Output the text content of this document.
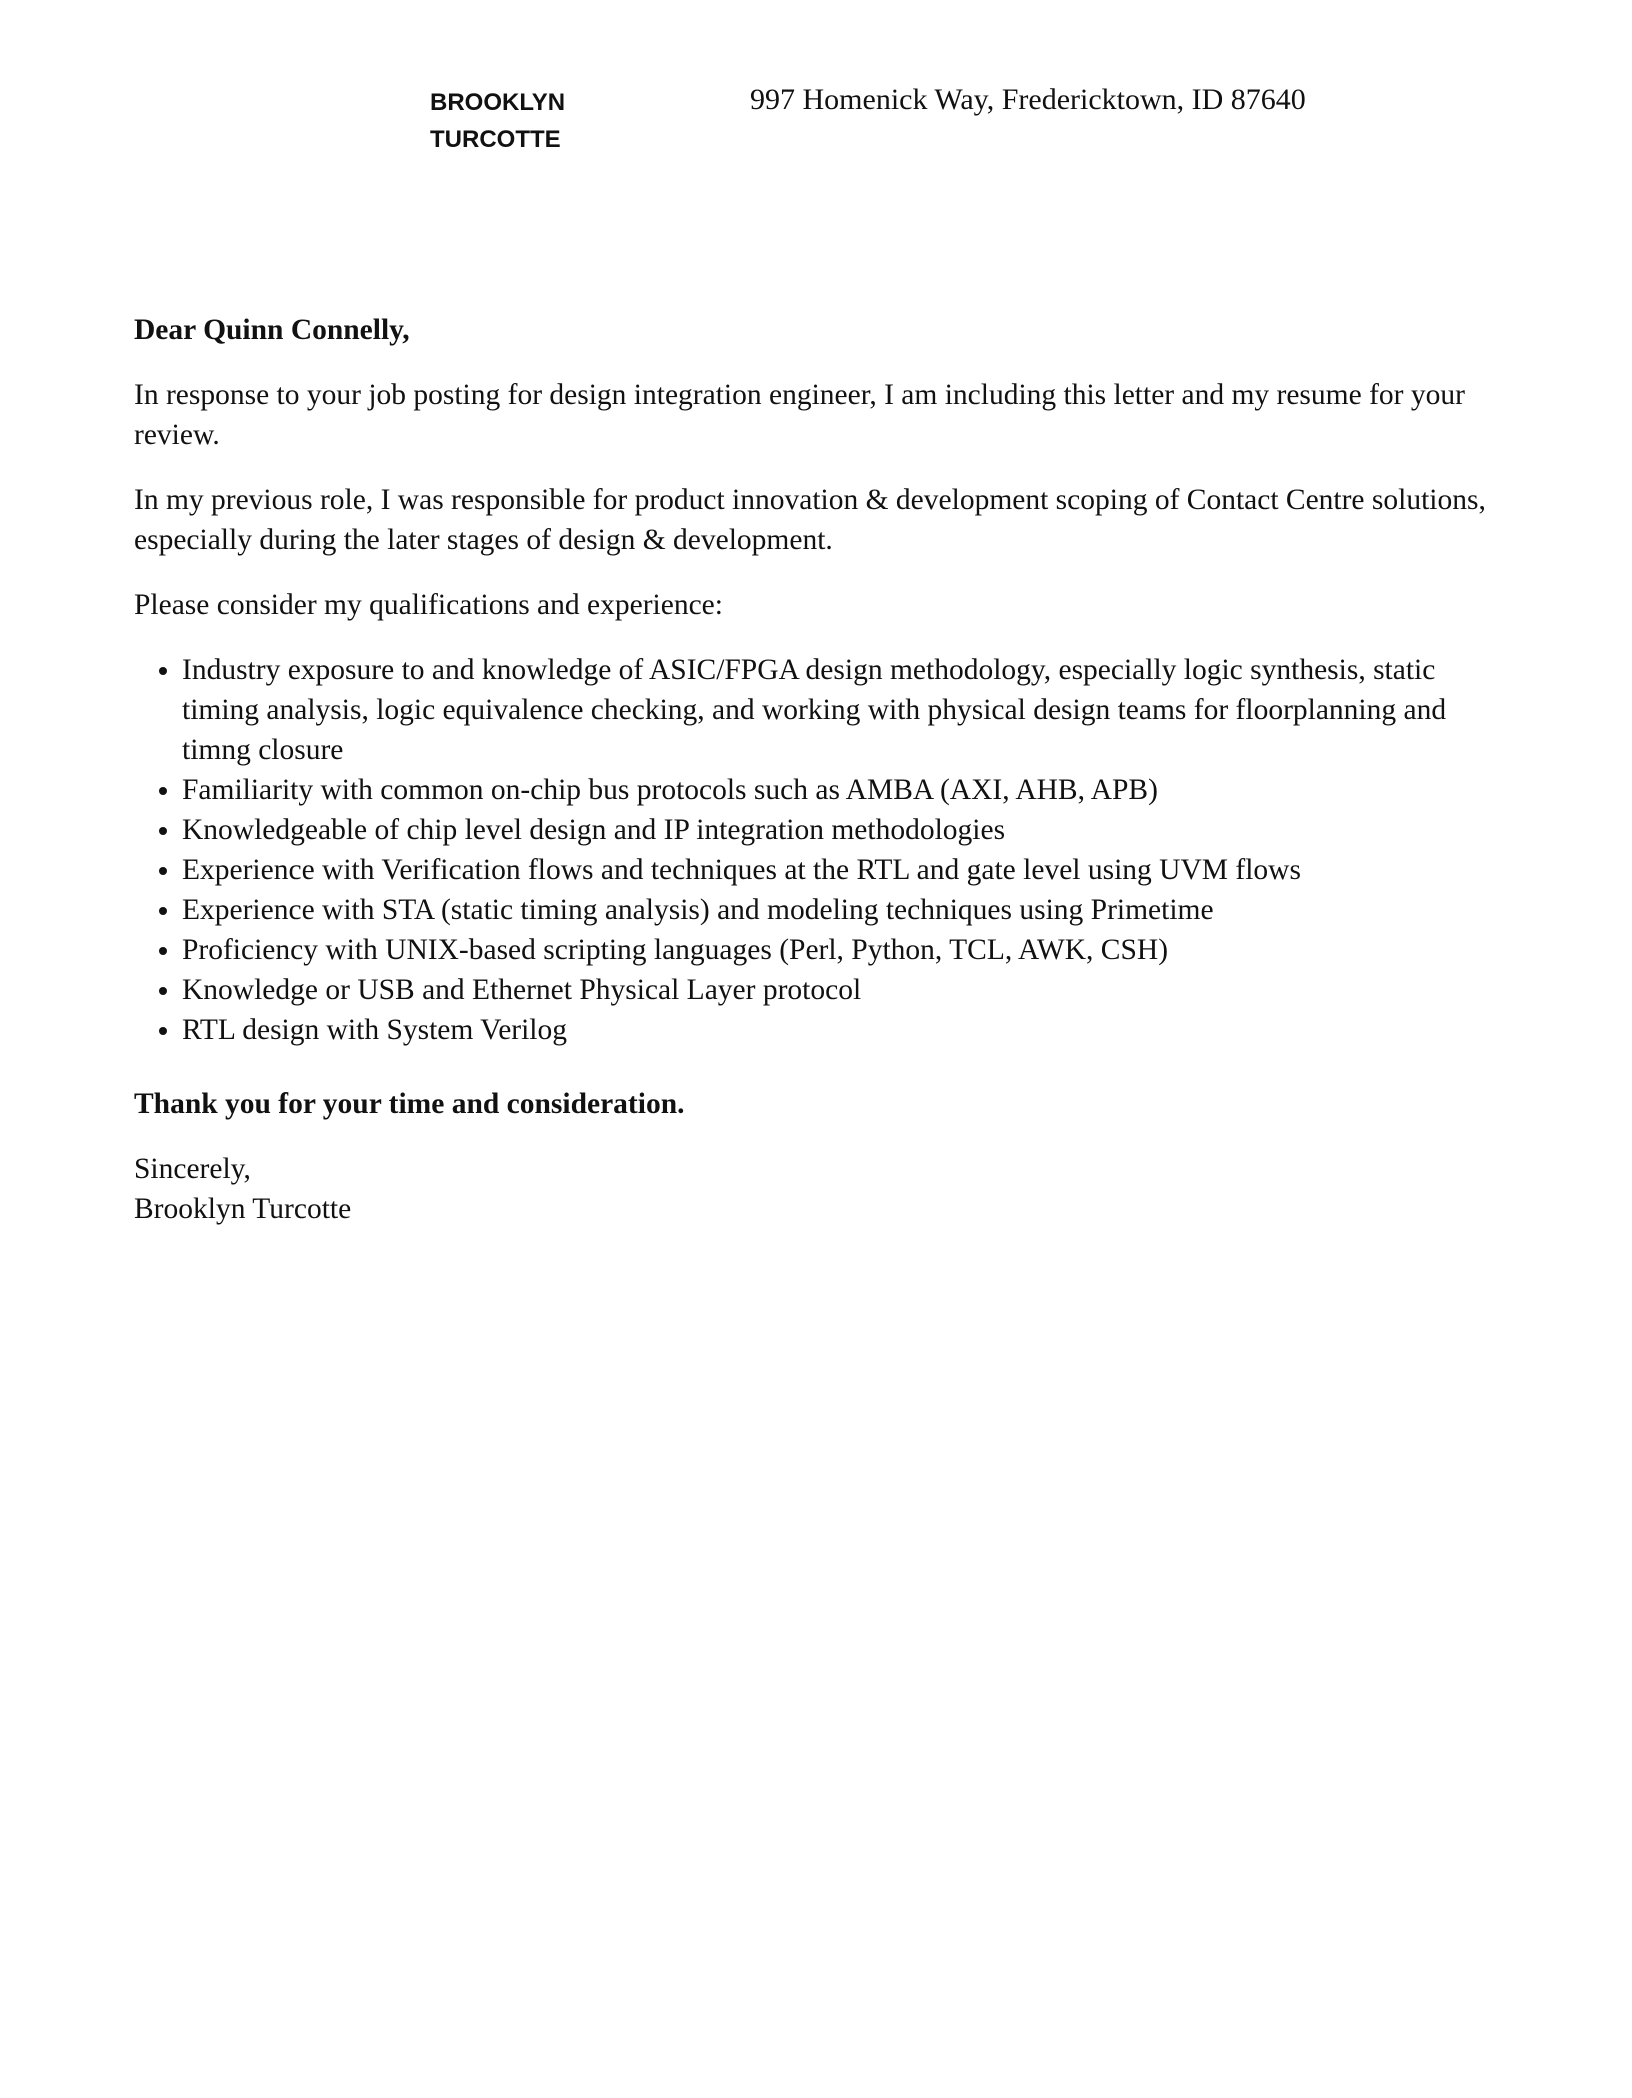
BROOKLYN
TURCOTTE
997 Homenick Way, Fredericktown, ID 87640

Dear Quinn Connelly,

In response to your job posting for design integration engineer, I am including this letter and my resume for your review.

In my previous role, I was responsible for product innovation & development scoping of Contact Centre solutions, especially during the later stages of design & development.

Please consider my qualifications and experience:

• Industry exposure to and knowledge of ASIC/FPGA design methodology, especially logic synthesis, static timing analysis, logic equivalence checking, and working with physical design teams for floorplanning and timng closure
• Familiarity with common on-chip bus protocols such as AMBA (AXI, AHB, APB)
• Knowledgeable of chip level design and IP integration methodologies
• Experience with Verification flows and techniques at the RTL and gate level using UVM flows
• Experience with STA (static timing analysis) and modeling techniques using Primetime
• Proficiency with UNIX-based scripting languages (Perl, Python, TCL, AWK, CSH)
• Knowledge or USB and Ethernet Physical Layer protocol
• RTL design with System Verilog

Thank you for your time and consideration.

Sincerely,
Brooklyn Turcotte
